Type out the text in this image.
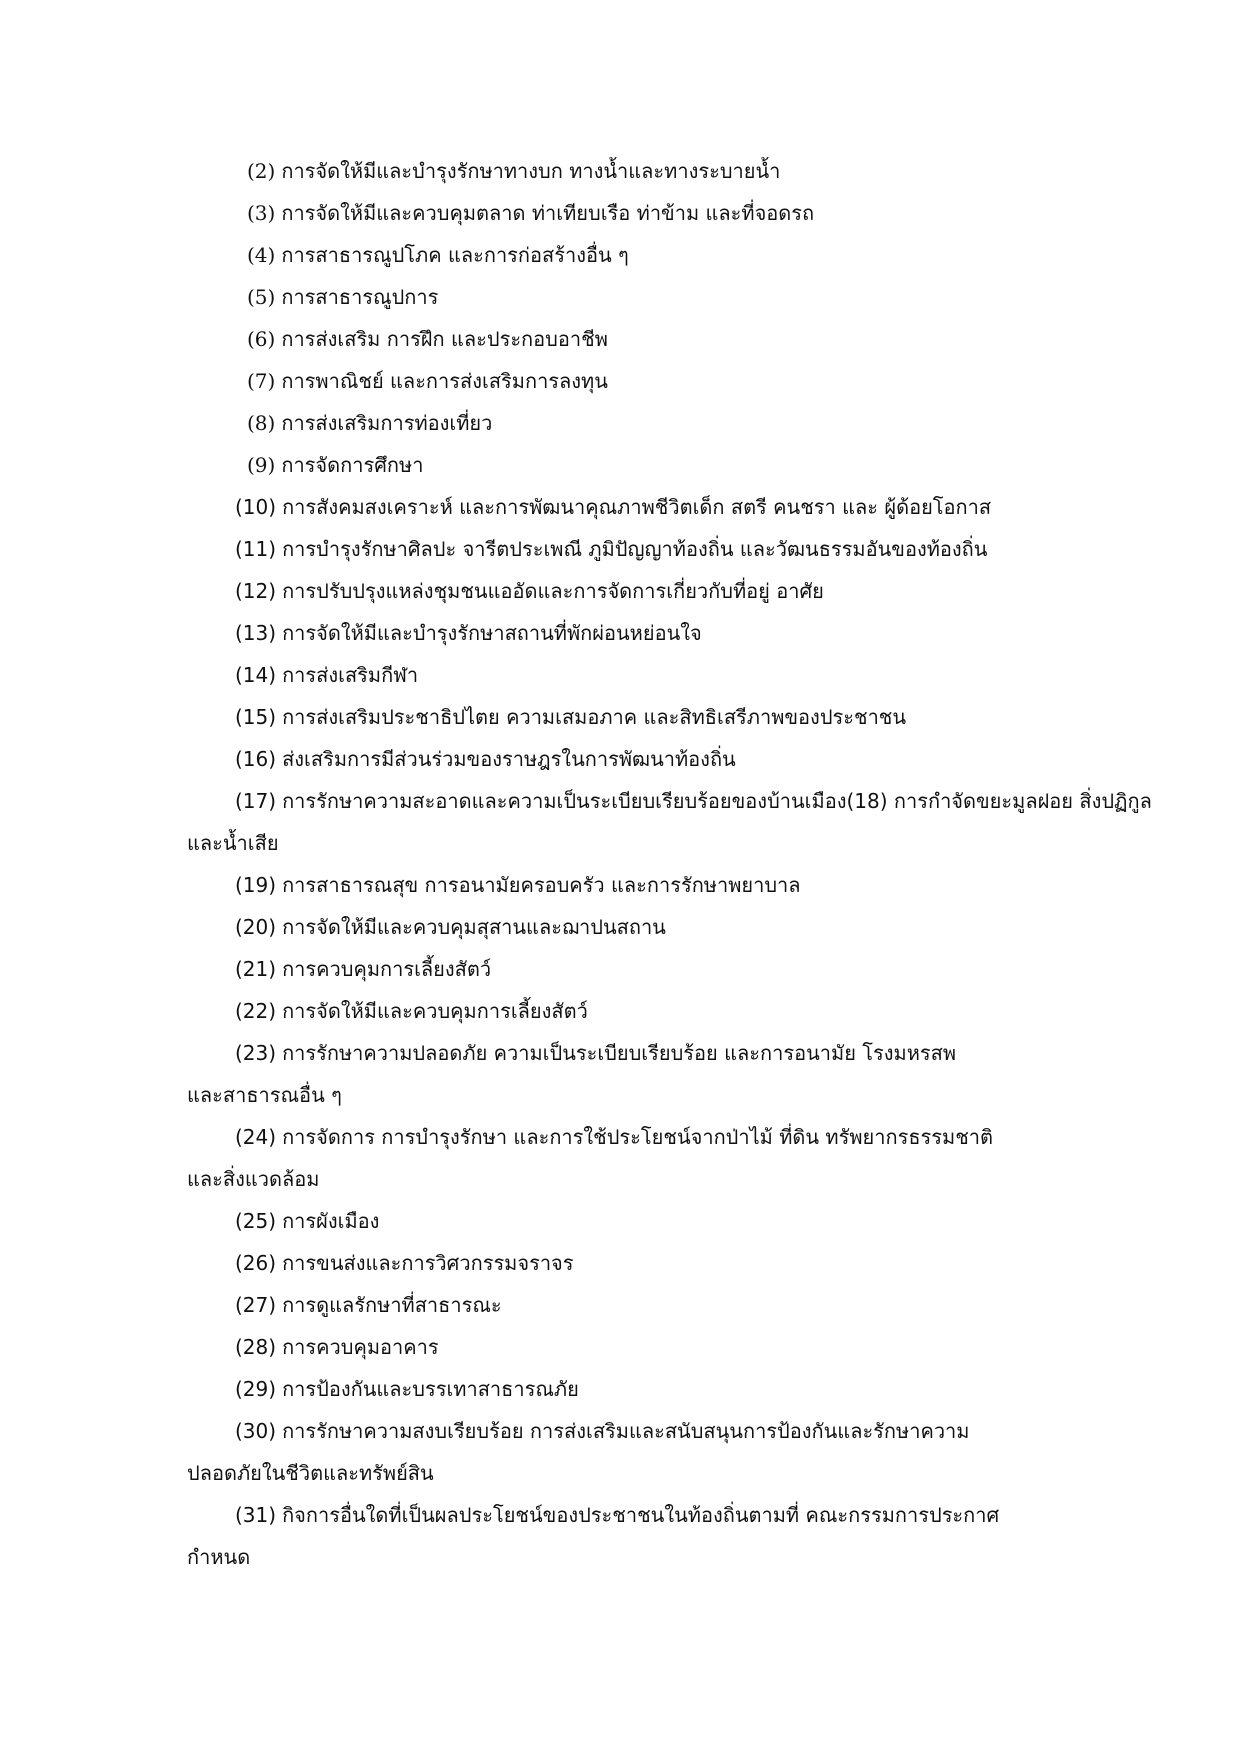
(2) การจัดให้มีและบำรุงรักษาทางบก ทางน้ำและทางระบายน้ำ
(3) การจัดให้มีและควบคุมตลาด ท่าเทียบเรือ ท่าข้าม และที่จอดรถ
(4) การสาธารณูปโภค และการก่อสร้างอื่น ๆ
(5) การสาธารณูปการ
(6) การส่งเสริม การฝึก และประกอบอาชีพ
(7) การพาณิชย์ และการส่งเสริมการลงทุน
(8) การส่งเสริมการท่องเที่ยว
(9) การจัดการศึกษา
(10) การสังคมสงเคราะห์ และการพัฒนาคุณภาพชีวิตเด็ก สตรี คนชรา และ ผู้ด้อยโอกาส
(11) การบำรุงรักษาศิลปะ จารีตประเพณี ภูมิปัญญาท้องถิ่น และวัฒนธรรมอันของท้องถิ่น
(12) การปรับปรุงแหล่งชุมชนแออัดและการจัดการเกี่ยวกับที่อยู่ อาศัย
(13) การจัดให้มีและบำรุงรักษาสถานที่พักผ่อนหย่อนใจ
(14) การส่งเสริมกีฬา
(15) การส่งเสริมประชาธิปไตย ความเสมอภาค และสิทธิเสรีภาพของประชาชน
(16) ส่งเสริมการมีส่วนร่วมของราษฎรในการพัฒนาท้องถิ่น
(17) การรักษาความสะอาดและความเป็นระเบียบเรียบร้อยของบ้านเมือง(18) การกำจัดขยะมูลฝอย สิ่งปฏิกูล
และน้ำเสีย
(19) การสาธารณสุข การอนามัยครอบครัว และการรักษาพยาบาล
(20) การจัดให้มีและควบคุมสุสานและฌาปนสถาน
(21) การควบคุมการเลี้ยงสัตว์
(22) การจัดให้มีและควบคุมการเลี้ยงสัตว์
(23) การรักษาความปลอดภัย ความเป็นระเบียบเรียบร้อย และการอนามัย โรงมหรสพ
และสาธารณอื่น ๆ
(24) การจัดการ การบำรุงรักษา และการใช้ประโยชน์จากป่าไม้ ที่ดิน ทรัพยากรธรรมชาติ
และสิ่งแวดล้อม
(25) การผังเมือง
(26) การขนส่งและการวิศวกรรมจราจร
(27) การดูแลรักษาที่สาธารณะ
(28) การควบคุมอาคาร
(29) การป้องกันและบรรเทาสาธารณภัย
(30) การรักษาความสงบเรียบร้อย การส่งเสริมและสนับสนุนการป้องกันและรักษาความ
ปลอดภัยในชีวิตและทรัพย์สิน
(31) กิจการอื่นใดที่เป็นผลประโยชน์ของประชาชนในท้องถิ่นตามที่ คณะกรรมการประกาศ
กำหนด
